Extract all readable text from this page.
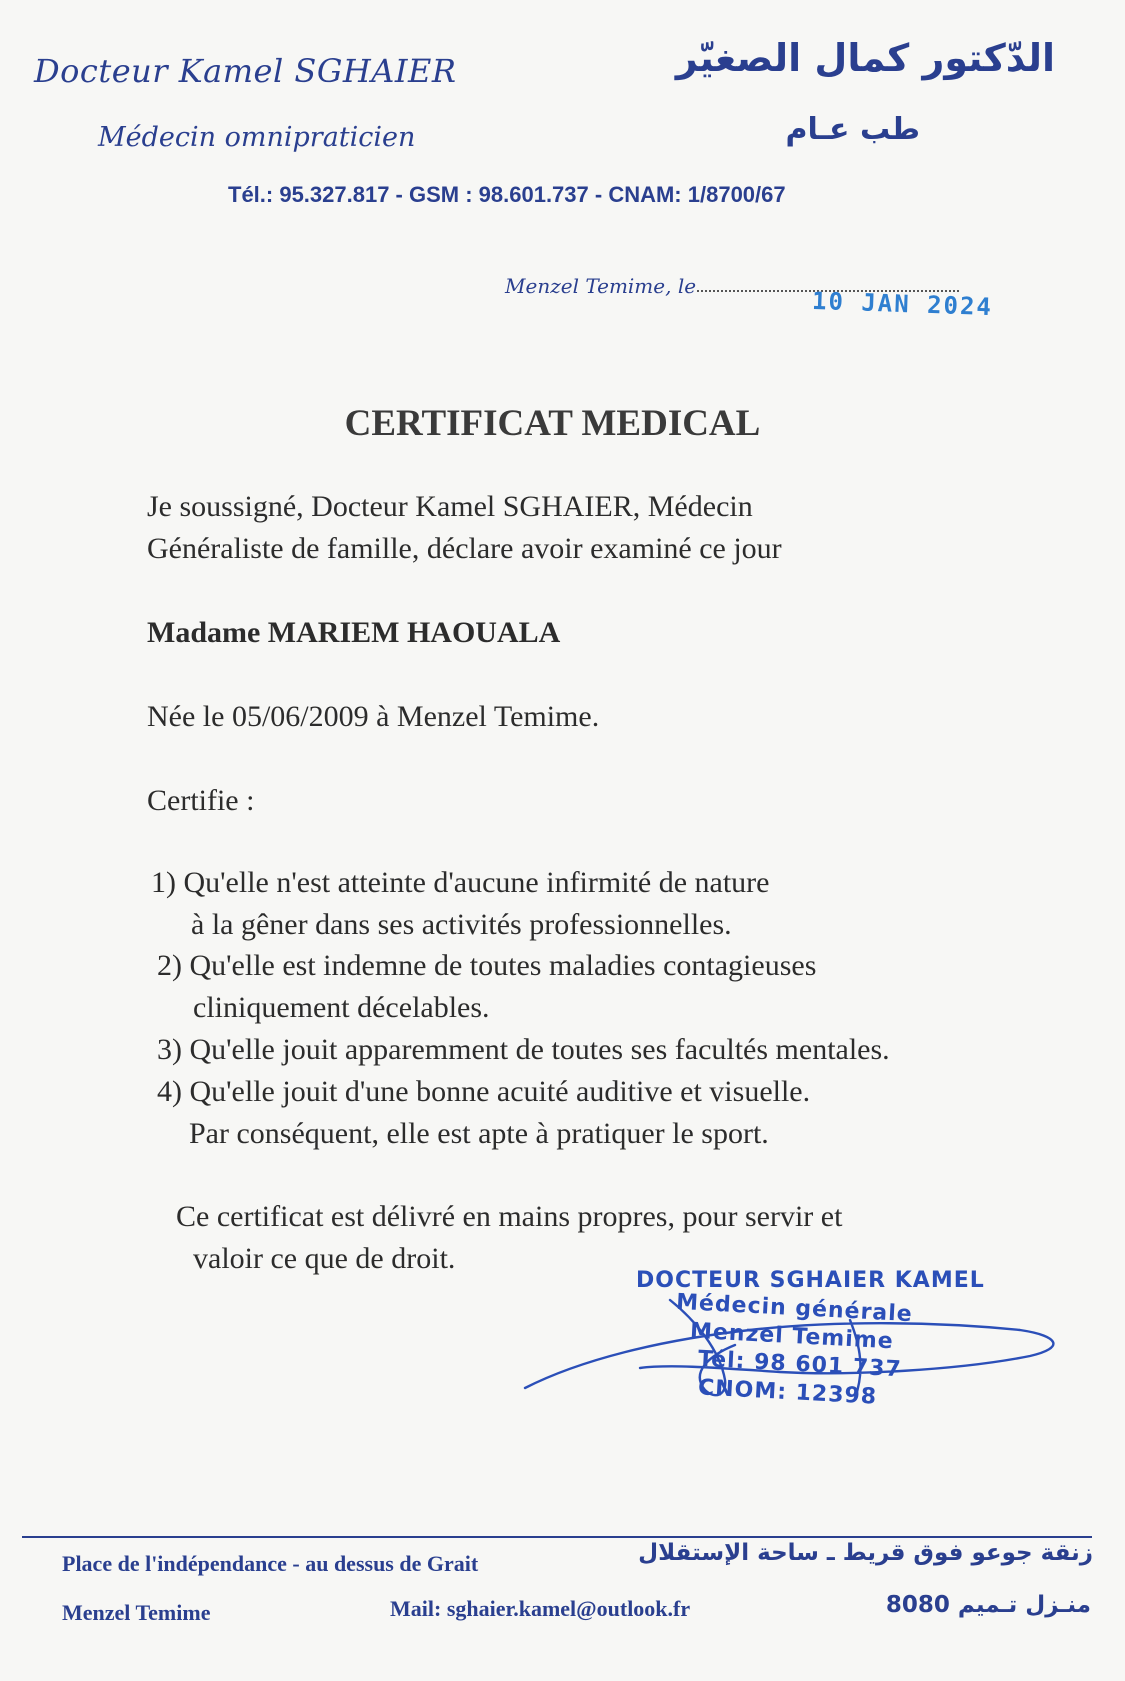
Docteur Kamel SGHAIER	الدّكتور كمال الصغيّر
Médecin omnipraticien	طب عـام
Tél.: 95.327.817 - GSM : 98.601.737 - CNAM: 1/8700/67
Menzel Temime, le
10 JAN 2024
CERTIFICAT MEDICAL
Je soussigné, Docteur Kamel SGHAIER, Médecin
Généraliste de famille, déclare avoir examiné ce jour
Madame MARIEM HAOUALA
Née le 05/06/2009 à Menzel Temime.
Certifie :
1) Qu'elle n'est atteinte d'aucune infirmité de nature
à la gêner dans ses activités professionnelles.
2) Qu'elle est indemne de toutes maladies contagieuses
cliniquement décelables.
3) Qu'elle jouit apparemment de toutes ses facultés mentales.
4) Qu'elle jouit d'une bonne acuité auditive et visuelle.
Par conséquent, elle est apte à pratiquer le sport.
Ce certificat est délivré en mains propres, pour servir et
valoir ce que de droit.
DOCTEUR SGHAIER KAMEL
Médecin générale
Menzel Temime
Tél: 98 601 737
CNOM: 12398
Place de l'indépendance - au dessus de Grait	زنقة جوعو فوق قريط ـ ساحة الإستقلال
Menzel Temime	Mail: sghaier.kamel@outlook.fr	منـزل تـميم 8080
